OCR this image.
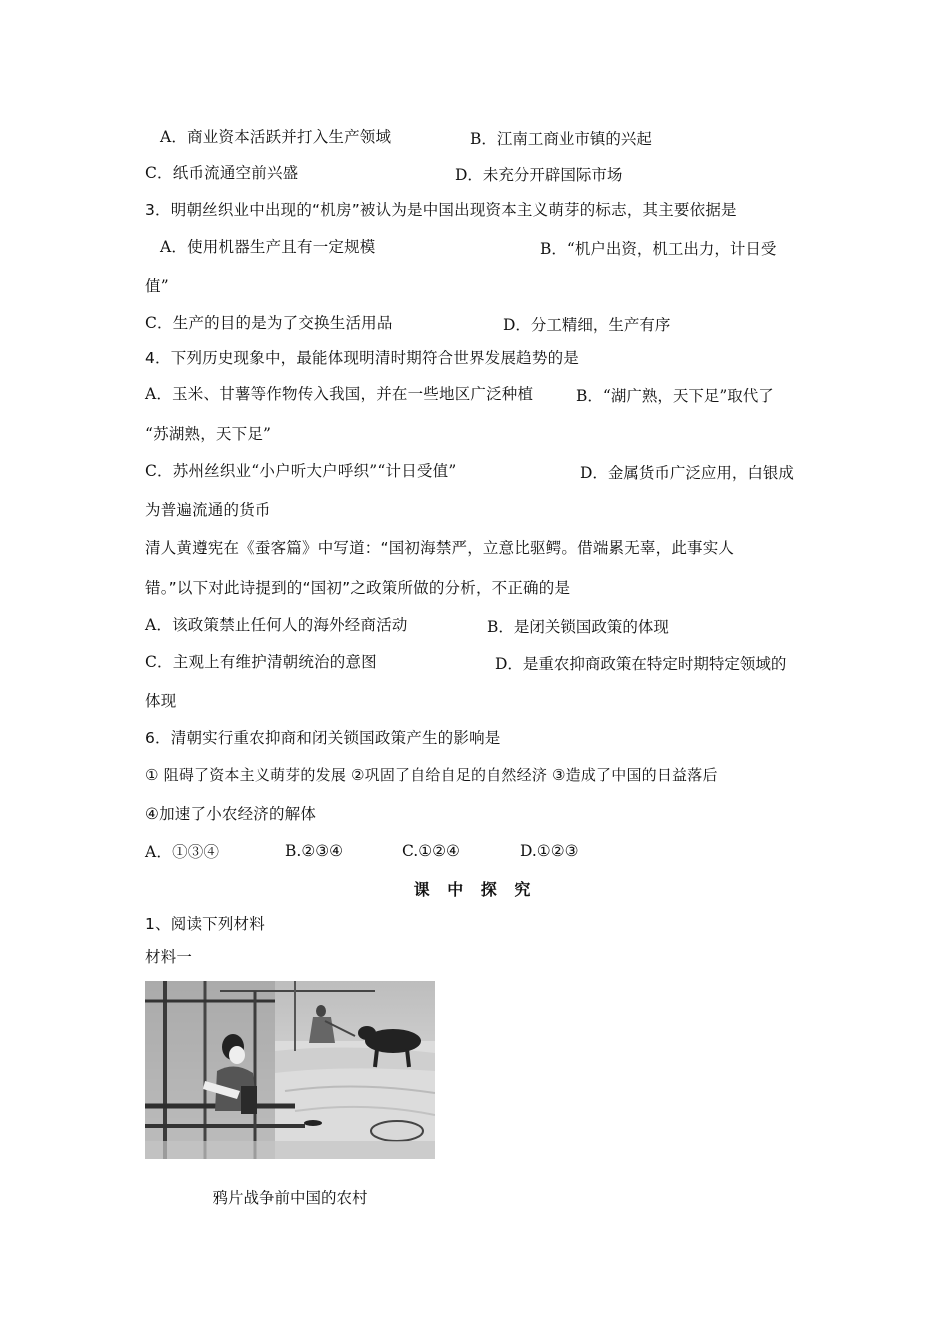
A．商业资本活跃并打入生产领域	B．江南工商业市镇的兴起
C．纸币流通空前兴盛	D．未充分开辟国际市场
3．明朝丝织业中出现的“机房”被认为是中国出现资本主义萌芽的标志，其主要依据是
A．使用机器生产且有一定规模	B．“机户出资，机工出力，计日受
值”
C．生产的目的是为了交换生活用品	D．分工精细，生产有序
4．下列历史现象中，最能体现明清时期符合世界发展趋势的是
A．玉米、甘薯等作物传入我国，并在一些地区广泛种植	B．“湖广熟，天下足”取代了
“苏湖熟，天下足”
C．苏州丝织业“小户听大户呼织”“计日受值”	D．金属货币广泛应用，白银成
为普遍流通的货币
清人黄遵宪在《蚕客篇》中写道：“国初海禁严，立意比驱鳄。借端累无辜，此事实人
错。”以下对此诗提到的“国初”之政策所做的分析，不正确的是
A．该政策禁止任何人的海外经商活动	B．是闭关锁国政策的体现
C．主观上有维护清朝统治的意图	D．是重农抑商政策在特定时期特定领域的
体现
6．清朝实行重农抑商和闭关锁国政策产生的影响是
① 阻碍了资本主义萌芽的发展 ②巩固了自给自足的自然经济 ③造成了中国的日益落后
④加速了小农经济的解体
A．①③④	B.②③④	C.①②④	D.①②③
课 中 探 究
1、阅读下列材料
材料一
鸦片战争前中国的农村
